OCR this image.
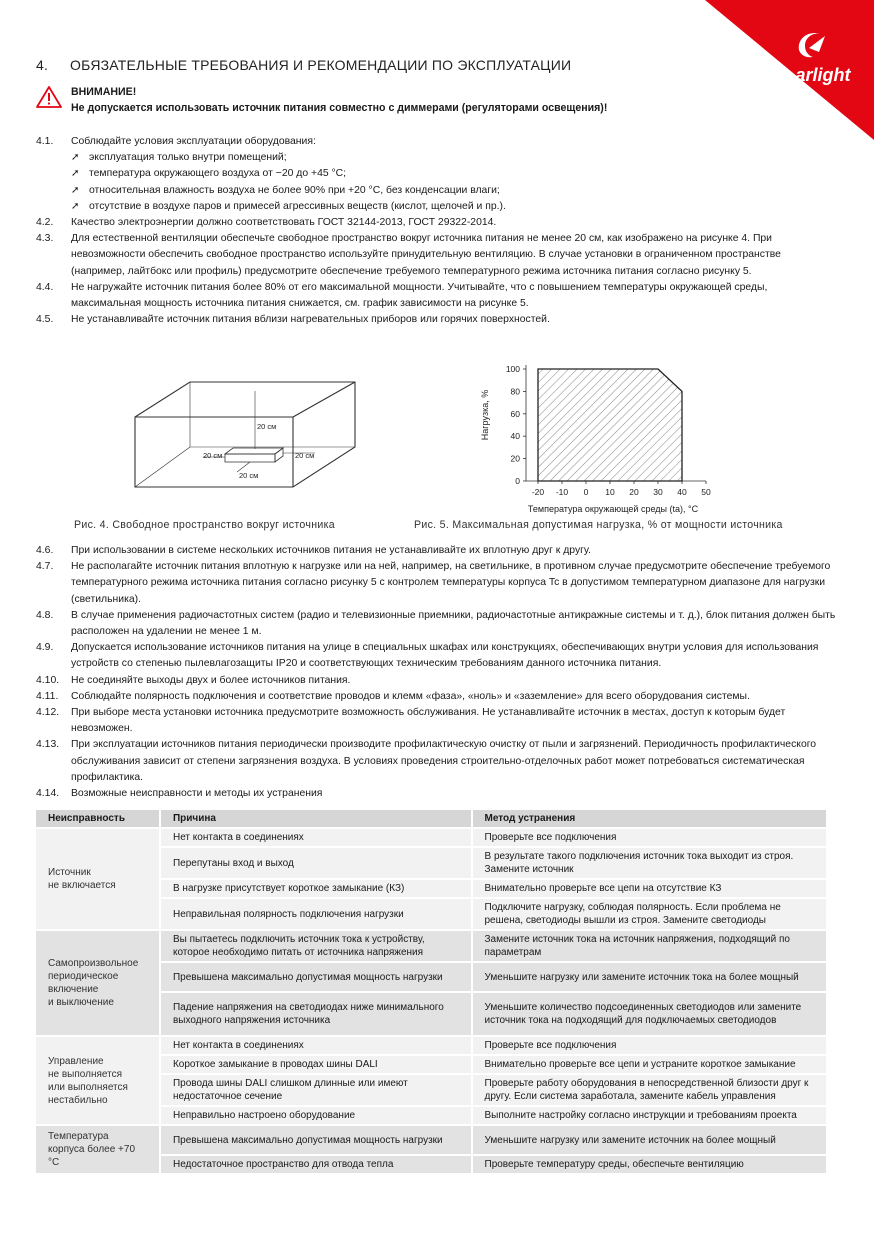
arlight
4. ОБЯЗАТЕЛЬНЫЕ ТРЕБОВАНИЯ И РЕКОМЕНДАЦИИ ПО ЭКСПЛУАТАЦИИ
ВНИМАНИЕ!
Не допускается использовать источник питания совместно с диммерами (регуляторами освещения)!
4.1.	Соблюдайте условия эксплуатации оборудования:
➚ эксплуатация только внутри помещений;
➚ температура окружающего воздуха от −20 до +45 °С;
➚ относительная влажность воздуха не более 90% при +20 °С, без конденсации влаги;
➚ отсутствие в воздухе паров и примесей агрессивных веществ (кислот, щелочей и пр.).
4.2.	Качество электроэнергии должно соответствовать ГОСТ 32144-2013, ГОСТ 29322-2014.
4.3.	Для естественной вентиляции обеспечьте свободное пространство вокруг источника питания не менее 20 см, как изображено на рисунке 4. При невозможности обеспечить свободное пространство используйте принудительную вентиляцию. В случае установки в ограниченном пространстве (например, лайтбокс или профиль) предусмотрите обеспечение требуемого температурного режима источника питания согласно рисунку 5.
4.4.	Не нагружайте источник питания более 80% от его максимальной мощности. Учитывайте, что с повышением температуры окружающей среды, максимальная мощность источника питания снижается, см. график зависимости на рисунке 5.
4.5.	Не устанавливайте источник питания вблизи нагревательных приборов или горячих поверхностей.
20 см
20 см	20 см
20 см
Рис. 4. Свободное пространство вокруг источника
0
20
40
60
80
100
-20 -10 0 10 20 30 40 50
Нагрузка, %
Температура окружающей среды (ta), °С
Рис. 5. Максимальная допустимая нагрузка, % от мощности источника
4.6.	При использовании в системе нескольких источников питания не устанавливайте их вплотную друг к другу.
4.7.	Не располагайте источник питания вплотную к нагрузке или на ней, например, на светильнике, в противном случае предусмотрите обеспечение требуемого температурного режима источника питания согласно рисунку 5 с контролем температуры корпуса Tc в допустимом температурном диапазоне для нагрузки (светильника).
4.8.	В случае применения радиочастотных систем (радио и телевизионные приемники, радиочастотные антикражные системы и т. д.), блок питания должен быть расположен на удалении не менее 1 м.
4.9.	Допускается использование источников питания на улице в специальных шкафах или конструкциях, обеспечивающих внутри условия для использования устройств со степенью пылевлагозащиты IP20 и соответствующих техническим требованиям данного источника питания.
4.10.	Не соединяйте выходы двух и более источников питания.
4.11.	Соблюдайте полярность подключения и соответствие проводов и клемм «фаза», «ноль» и «заземление» для всего оборудования системы.
4.12.	При выборе места установки источника предусмотрите возможность обслуживания. Не устанавливайте источник в местах, доступ к которым будет невозможен.
4.13.	При эксплуатации источников питания периодически производите профилактическую очистку от пыли и загрязнений. Периодичность профилактического обслуживания зависит от степени загрязнения воздуха. В условиях проведения строительно-отделочных работ может потребоваться систематическая профилактика.
4.14.	Возможные неисправности и методы их устранения
Неисправность	Причина	Метод устранения
Источник
не включается	Нет контакта в соединениях	Проверьте все подключения
	Перепутаны вход и выход	В результате такого подключения источник тока выходит из строя. Замените источник
	В нагрузке присутствует короткое замыкание (КЗ)	Внимательно проверьте все цепи на отсутствие КЗ
	Неправильная полярность подключения нагрузки	Подключите нагрузку, соблюдая полярность. Если проблема не решена, светодиоды вышли из строя. Замените светодиоды
Самопроизвольное периодическое включение
и выключение	Вы пытаетесь подключить источник тока к устройству, которое необходимо питать от источника напряжения	Замените источник тока на источник напряжения, подходящий по параметрам
	Превышена максимально допустимая мощность нагрузки	Уменьшите нагрузку или замените источник тока на более мощный
	Падение напряжения на светодиодах ниже минимального выходного напряжения источника	Уменьшите количество подсоединенных светодиодов или замените источник тока на подходящий для подключаемых светодиодов
Управление
не выполняется
или выполняется нестабильно	Нет контакта в соединениях	Проверьте все подключения
	Короткое замыкание в проводах шины DALI	Внимательно проверьте все цепи и устраните короткое замыкание
	Провода шины DALI слишком длинные или имеют недостаточное сечение	Проверьте работу оборудования в непосредственной близости друг к другу. Если система заработала, замените кабель управления
	Неправильно настроено оборудование	Выполните настройку согласно инструкции и требованиям проекта
Температура корпуса более +70 °С	Превышена максимально допустимая мощность нагрузки	Уменьшите нагрузку или замените источник на более мощный
	Недостаточное пространство для отвода тепла	Проверьте температуру среды, обеспечьте вентиляцию
